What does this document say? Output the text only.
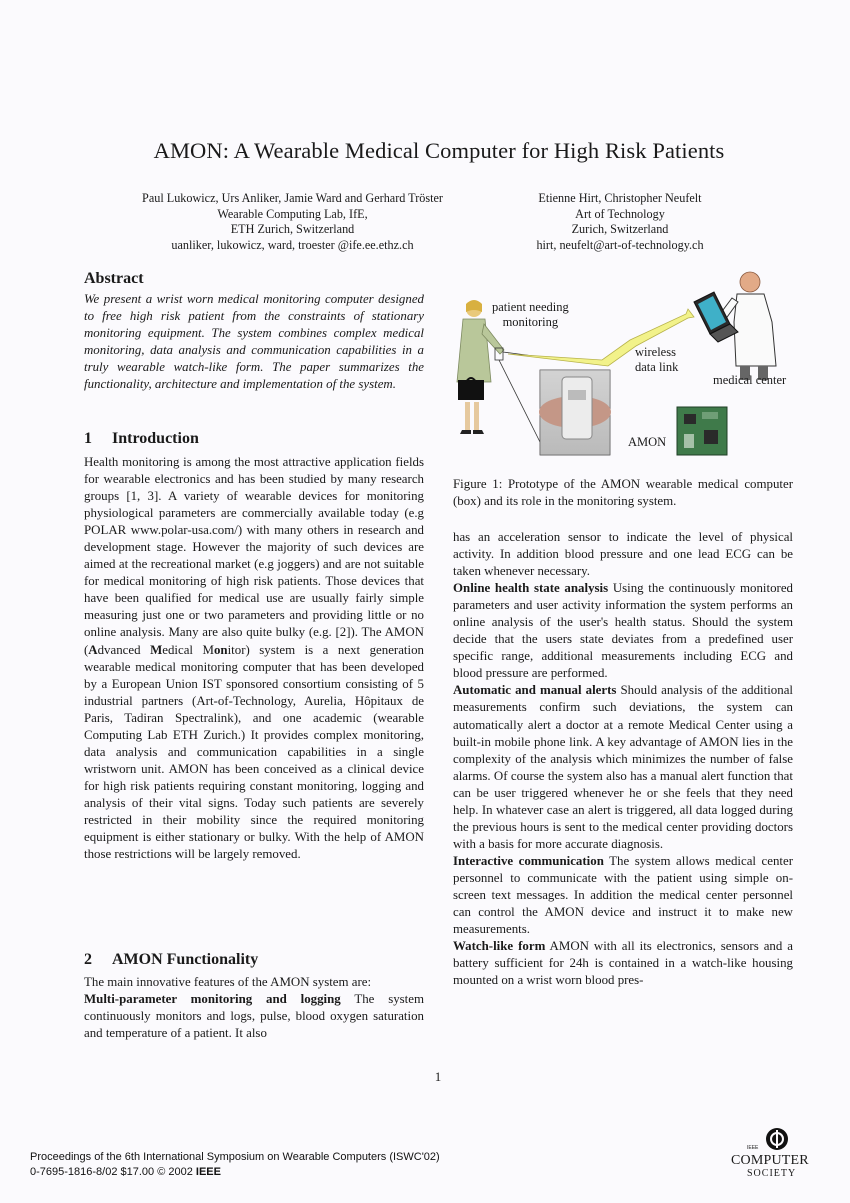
AMON: A Wearable Medical Computer for High Risk Patients
Paul Lukowicz, Urs Anliker, Jamie Ward and Gerhard Tröster
Wearable Computing Lab, IfE,
ETH Zurich, Switzerland
uanliker, lukowicz, ward, troester @ife.ee.ethz.ch
Etienne Hirt, Christopher Neufelt
Art of Technology
Zurich, Switzerland
hirt, neufelt@art-of-technology.ch
Abstract

We present a wrist worn medical monitoring computer designed to free high risk patient from the constraints of stationary monitoring equipment. The system combines complex medical monitoring, data analysis and communication capabilities in a truly wearable watch-like form. The paper summarizes the functionality, architecture and implementation of the system.

1 Introduction

Health monitoring is among the most attractive application fields for wearable electronics and has been studied by many research groups [1, 3]. A variety of wearable devices for monitoring physiological parameters are commercially available today (e.g POLAR www.polar-usa.com/) with many others in research and development stage. However the majority of such devices are aimed at the recreational market (e.g joggers) and are not suitable for medical monitoring of high risk patients. Those devices that have been qualified for medical use are usually fairly simple measuring just one or two parameters and providing little or no online analysis. Many are also quite bulky (e.g. [2]). The AMON (Advanced Medical Monitor) system is a next generation wearable medical monitoring computer that has been developed by a European Union IST sponsored consortium consisting of 5 industrial partners (Art-of-Technology, Aurelia, Hôpitaux de Paris, Tadiran Spectralink), and one academic (wearable Computing Lab ETH Zurich.) It provides complex monitoring, data analysis and communication capabilities in a single wristworn unit. AMON has been conceived as a clinical device for high risk patients requiring constant monitoring, logging and analysis of their vital signs. Today such patients are severely restricted in their mobility since the required monitoring equipment is either stationary or bulky. With the help of AMON those restrictions will be largely removed.

2 AMON Functionality

The main innovative features of the AMON system are:

Multi-parameter monitoring and logging The system continuously monitors and logs, pulse, blood oxygen saturation and temperature of a patient. It also

patient needing
monitoring
wireless
data link
medical center
AMON
Figure 1: Prototype of the AMON wearable medical computer (box) and its role in the monitoring system.

has an acceleration sensor to indicate the level of physical activity. In addition blood pressure and one lead ECG can be taken whenever necessary.

Online health state analysis Using the continuously monitored parameters and user activity information the system performs an online analysis of the user's health status. Should the system decide that the users state deviates from a predefined user specific range, additional measurements including ECG and blood pressure are performed.

Automatic and manual alerts Should analysis of the additional measurements confirm such deviations, the system can automatically alert a doctor at a remote Medical Center using a built-in mobile phone link. A key advantage of AMON lies in the complexity of the analysis which minimizes the number of false alarms. Of course the system also has a manual alert function that can be user triggered whenever he or she feels that they need help. In whatever case an alert is triggered, all data logged during the previous hours is sent to the medical center providing doctors with a basis for more accurate diagnosis.

Interactive communication The system allows medical center personnel to communicate with the patient using simple on-screen text messages. In addition the medical center personnel can control the AMON device and instruct it to make new measurements.

Watch-like form AMON with all its electronics, sensors and a battery sufficient for 24h is contained in a watch-like housing mounted on a wrist worn blood pres-

1
Proceedings of the 6th International Symposium on Wearable Computers (ISWC'02)
0-7695-1816-8/02 $17.00 © 2002 IEEE
IEEE
COMPUTER
SOCIETY
